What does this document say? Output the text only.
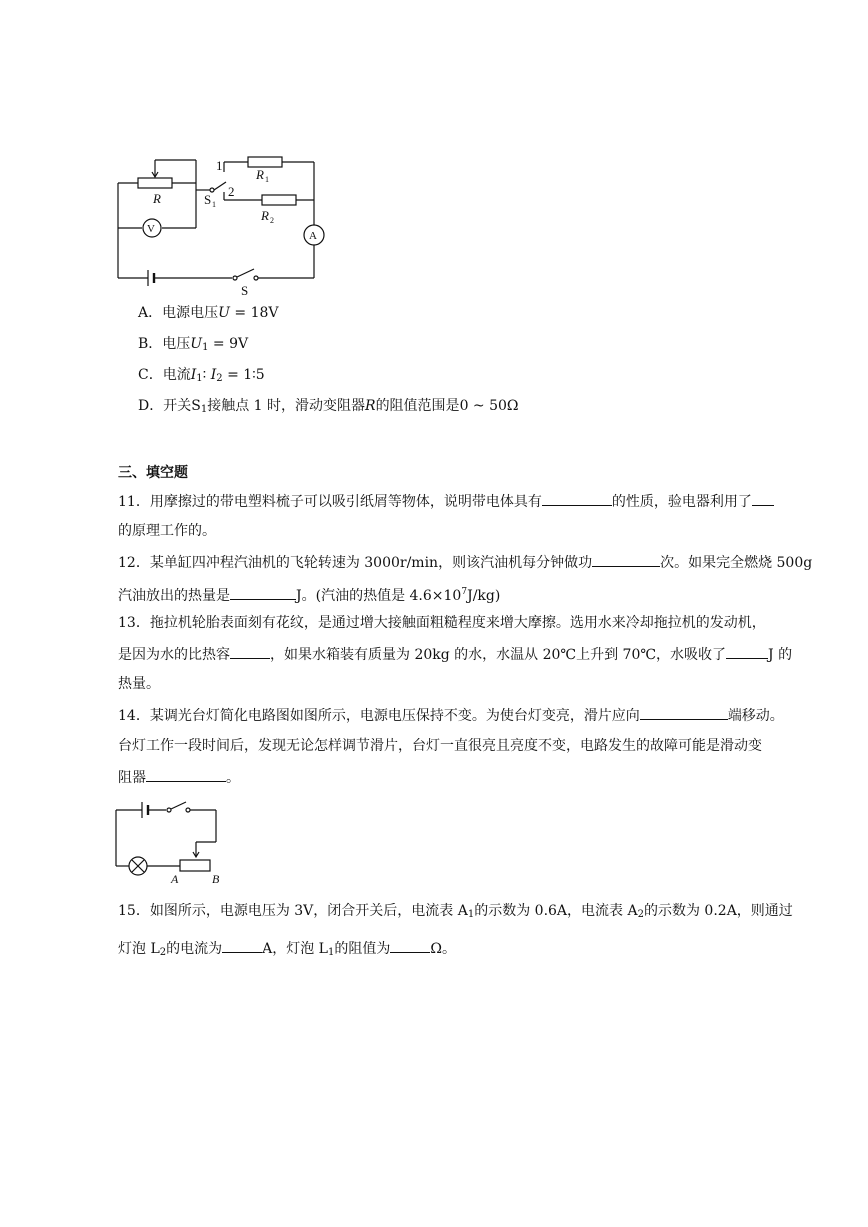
1
2
R
R 1
R 2
S 1
V
A
S
A．电源电压U = 18V
B．电压$U_1 = 9V$
C．电流$I_1∶$ $I_2$ = 1∶5
D．开关$S_1$接触点 1 时，滑动变阻器R的阻值范围是0 ~ 50Ω
三、填空题
11．用摩擦过的带电塑料梳子可以吸引纸屑等物体，说明带电体具有	的性质，验电器利用了
的原理工作的。
12．某单缸四冲程汽油机的飞轮转速为 3000r/min，则该汽油机每分钟做功	次。如果完全燃烧 500g
汽油放出的热量是	J。(汽油的热值是 $4.6\times 10^7J/kg$)
13．拖拉机轮胎表面刻有花纹，是通过增大接触面粗糙程度来增大摩擦。选用水来冷却拖拉机的发动机，
是因为水的比热容	，如果水箱装有质量为 20kg 的水，水温从 20℃上升到 70℃，水吸收了	J 的
热量。
14．某调光台灯简化电路图如图所示，电源电压保持不变。为使台灯变亮，滑片应向	端移动。
台灯工作一段时间后，发现无论怎样调节滑片，台灯一直很亮且亮度不变，电路发生的故障可能是滑动变
阻器	。
A	B
15．如图所示，电源电压为 3V，闭合开关后，电流表 $A_1$的示数为 0.6A，电流表 $A_2$的示数为 0.2A，则通过
灯泡 $L_2$的电流为	A，灯泡 $L_1$的阻值为	Ω。
